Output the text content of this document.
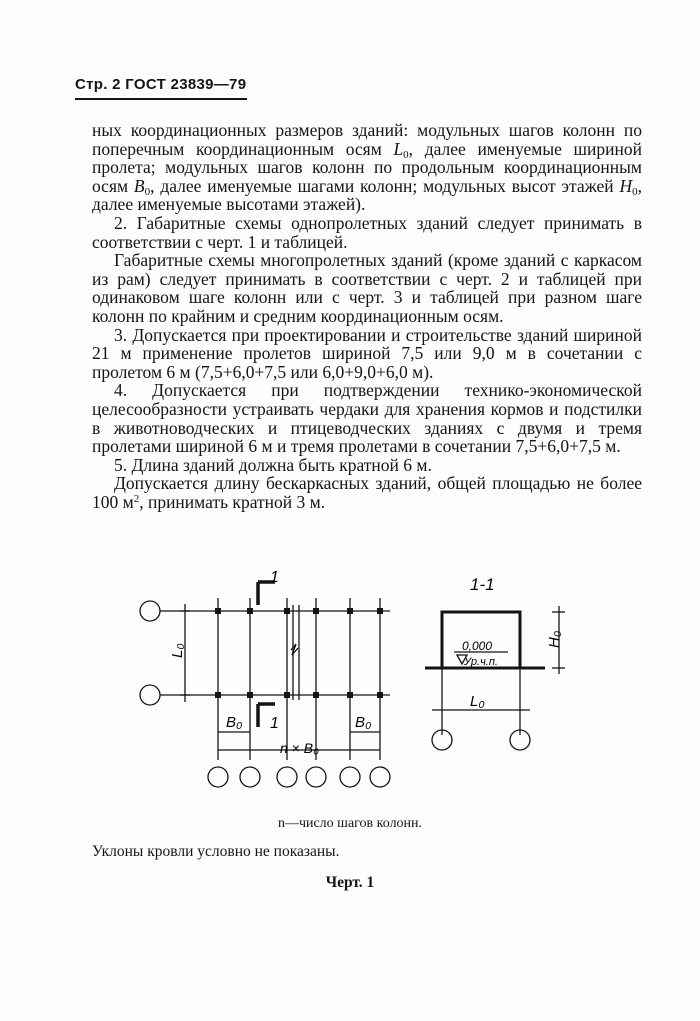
Стр. 2 ГОСТ 23839—79

ных координационных размеров зданий: модульных шагов колонн по поперечным координационным осям $L_0$, далее именуемые шириной пролета; модульных шагов колонн по продольным координационным осям $B_0$, далее именуемые шагами колонн; модульных высот этажей $H_0$, далее именуемые высотами этажей).

2. Габаритные схемы однопролетных зданий следует принимать в соответствии с черт. 1 и таблицей.

Габаритные схемы многопролетных зданий (кроме зданий с каркасом из рам) следует принимать в соответствии с черт. 2 и таблицей при одинаковом шаге колонн или с черт. 3 и таблицей при разном шаге колонн по крайним и средним координационным осям.

3. Допускается при проектировании и строительстве зданий шириной 21 м применение пролетов шириной 7,5 или 9,0 м в сочетании с пролетом 6 м (7,5+6,0+7,5 или 6,0+9,0+6,0 м).

4. Допускается при подтверждении технико-экономической целесообразности устраивать чердаки для хранения кормов и подстилки в животноводческих и птицеводческих зданиях с двумя и тремя пролетами шириной 6 м и тремя пролетами в сочетании 7,5+6,0+7,5 м.

5. Длина зданий должна быть кратной 6 м.

Допускается длину бескаркасных зданий, общей площадью не более 100 $м^2$, принимать кратной 3 м.

1
1
L₀
B₀	B₀
n × B₀
1-1
0,000
Ур.ч.п.
L₀
H₀
n—число шагов колонн.
Уклоны кровли условно не показаны.
Черт. 1
